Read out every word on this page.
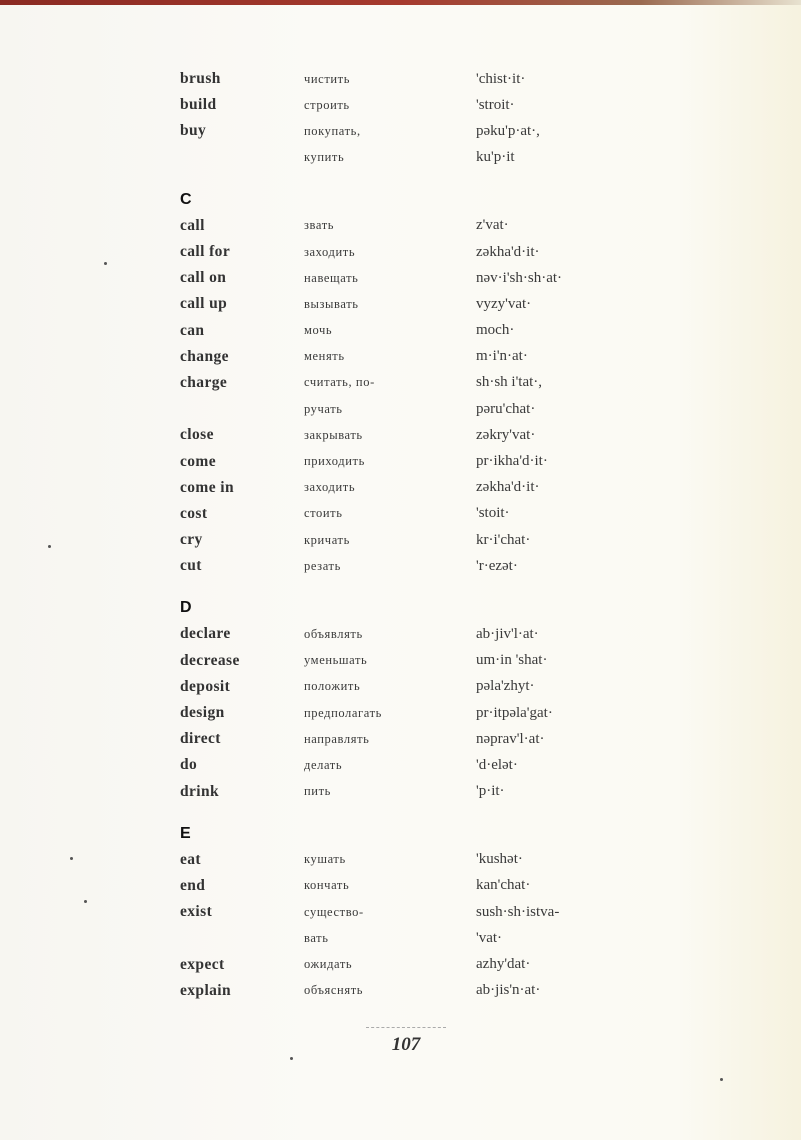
brush	чистить	'chist·it·
build	строить	'stroit·
buy	покупать,	pəku'p·at·,
купить	ku'p·it
C
call	звать	z'vat·
call for	заходить	zəkha'd·it·
call on	навещать	nəv·i'sh·sh·at·
call up	вызывать	vyzy'vat·
can	мочь	moch·
change	менять	m·i'n·at·
charge	считать, по-	sh·sh i'tat·,
ручать	pəru'chat·
close	закрывать	zəkry'vat·
come	приходить	pr·ikha'd·it·
come in	заходить	zəkha'd·it·
cost	стоить	'stoit·
cry	кричать	kr·i'chat·
cut	резать	'r·ezət·
D
declare	объявлять	ab·jiv'l·at·
decrease	уменьшать	um·in 'shat·
deposit	положить	pəla'zhyt·
design	предполагать	pr·itpəla'gat·
direct	направлять	nəprav'l·at·
do	делать	'd·elət·
drink	пить	'p·it·
E
eat	кушать	'kushət·
end	кончать	kan'chat·
exist	существо-	sush·sh·istva-
вать	'vat·
expect	ожидать	azhy'dat·
explain	объяснять	ab·jis'n·at·
107
